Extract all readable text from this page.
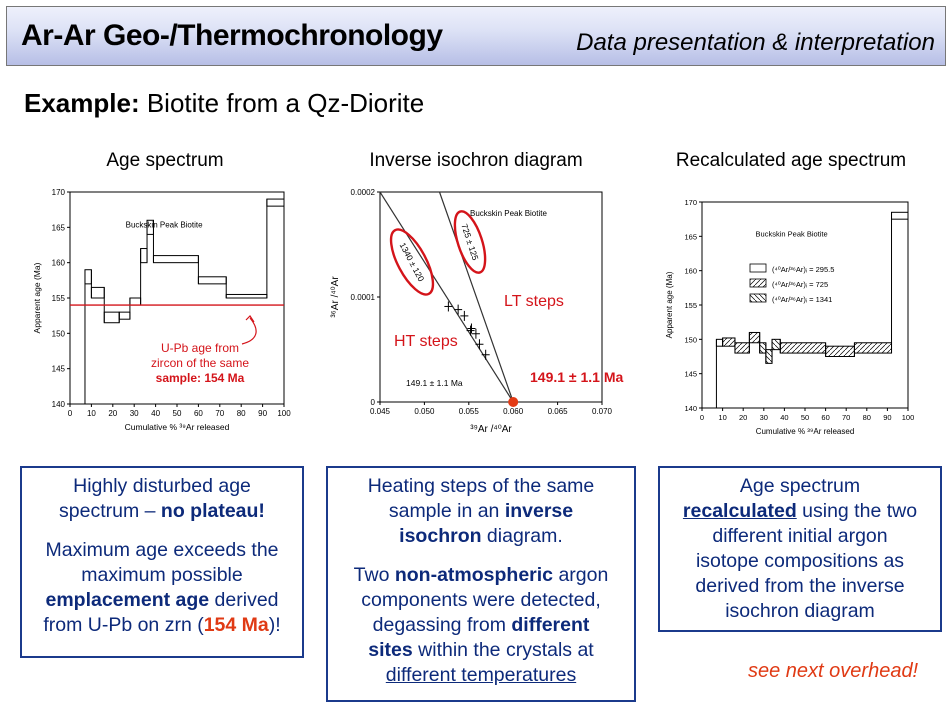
Ar-Ar Geo-/Thermochronology	Data presentation & interpretation
Example: Biotite from a Qz-Diorite
Age spectrum	Inverse isochron diagram	Recalculated age spectrum
0 10 20 30 40 50 60 70 80 90 100
140
145
150
155
160
165
170
Cumulative % ³⁹Ar released
Apparent age (Ma)
Buckskin Peak Biotite
U-Pb age from
zircon of the same
sample: 154 Ma
0.045	0.050	0.055	0.060	0.065	0.070
0
0.0001
0.0002
³⁹Ar /⁴⁰Ar
³⁶Ar /⁴⁰Ar
Buckskin Peak Biotite
1340 ± 120	725 ± 125
LT steps
HT steps
149.1 ± 1.1 Ma	149.1 ± 1.1 Ma
0 10 20 30 40 50 60 70 80 90 100
140
145
150
155
160
165
170
Cumulative % ³⁹Ar released
Apparent age (Ma)
Buckskin Peak Biotite
(⁴⁰Ar/³⁶Ar)ᵢ = 295.5
(⁴⁰Ar/³⁶Ar)ᵢ = 725
(⁴⁰Ar/³⁶Ar)ᵢ = 1341

Highly disturbed age

spectrum – no plateau!

Maximum age exceeds the

maximum possible

emplacement age derived

from U-Pb on zrn (154 Ma)!

Heating steps of the same

sample in an inverse

isochron diagram.

Two non-atmospheric argon

components were detected,

degassing from different

sites within the crystals at

different temperatures

Age spectrum

recalculated using the two

different initial argon

isotope compositions as

derived from the inverse

isochron diagram

see next overhead!
